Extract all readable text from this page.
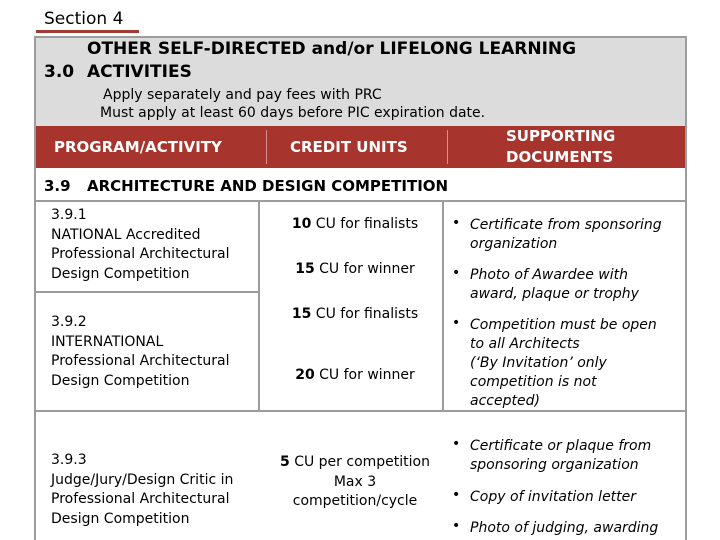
Section 4
OTHER SELF-DIRECTED and/or LIFELONG LEARNING
3.0 ACTIVITIES
Apply separately and pay fees with PRC
Must apply at least 60 days before PIC expiration date.
PROGRAM/ACTIVITY	CREDIT UNITS
SUPPORTING
DOCUMENTS
3.9 ARCHITECTURE AND DESIGN COMPETITION
3.9.1
NATIONAL Accredited
Professional Architectural
Design Competition
10 CU for finalists
15 CU for winner
3.9.2
INTERNATIONAL
Professional Architectural
Design Competition
15 CU for finalists
20 CU for winner
3.9.3
Judge/Jury/Design Critic in
Professional Architectural
Design Competition
5 CU per competition
Max 3
competition/cycle
• Certificate from sponsoring
organization
• Photo of Awardee with
award, plaque or trophy
• Competition must be open
to all Architects
(‘By Invitation’ only
competition is not
accepted)
• Certificate or plaque from
sponsoring organization
• Copy of invitation letter
• Photo of judging, awarding
